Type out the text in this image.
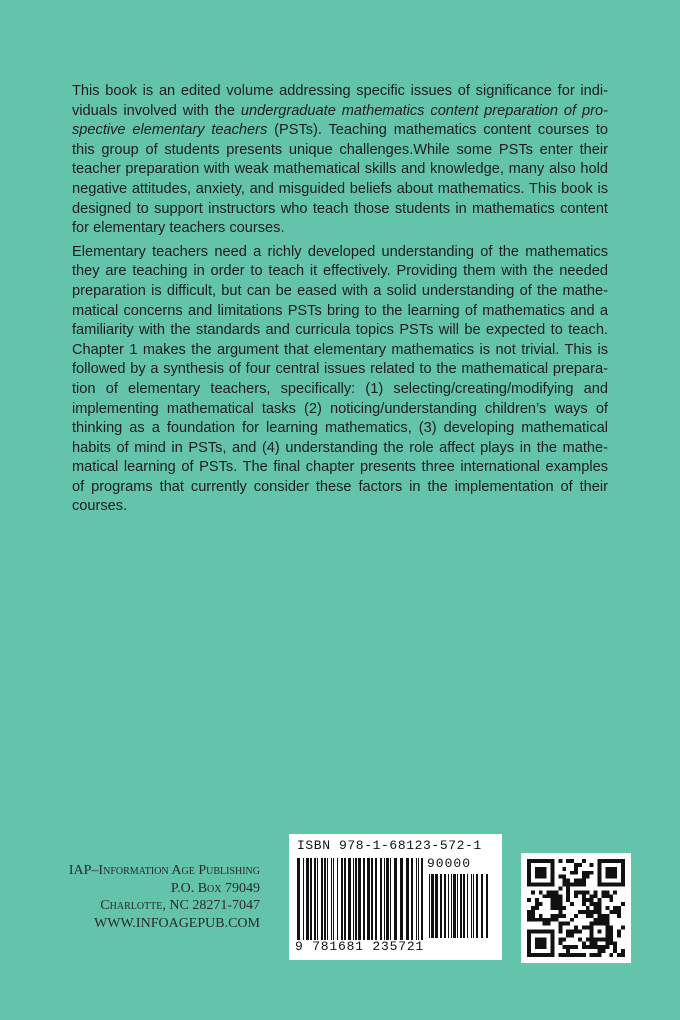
This book is an edited volume addressing specific issues of significance for individuals involved with the undergraduate mathematics content preparation of prospective elementary teachers (PSTs). Teaching mathematics content courses to this group of students presents unique challenges.While some PSTs enter their teacher preparation with weak mathematical skills and knowledge, many also hold negative attitudes, anxiety, and misguided beliefs about mathematics. This book is designed to support instructors who teach those students in mathematics content for elementary teachers courses.

Elementary teachers need a richly developed understanding of the mathematics they are teaching in order to teach it effectively. Providing them with the needed preparation is difficult, but can be eased with a solid understanding of the mathematical concerns and limitations PSTs bring to the learning of mathematics and a familiarity with the standards and curricula topics PSTs will be expected to teach. Chapter 1 makes the argument that elementary mathematics is not trivial. This is followed by a synthesis of four central issues related to the mathematical preparation of elementary teachers, specifically: (1) selecting/creating/modifying and implementing mathematical tasks (2) noticing/understanding children’s ways of thinking as a foundation for learning mathematics, (3) developing mathematical habits of mind in PSTs, and (4) understanding the role affect plays in the mathematical learning of PSTs. The final chapter presents three international examples of programs that currently consider these factors in the implementation of their courses.

IAP–Information Age Publishing
P.O. Box 79049
Charlotte, NC 28271-7047
WWW.INFOAGEPUB.COM
ISBN 978-1-68123-572-1
90000
9 781681 235721
